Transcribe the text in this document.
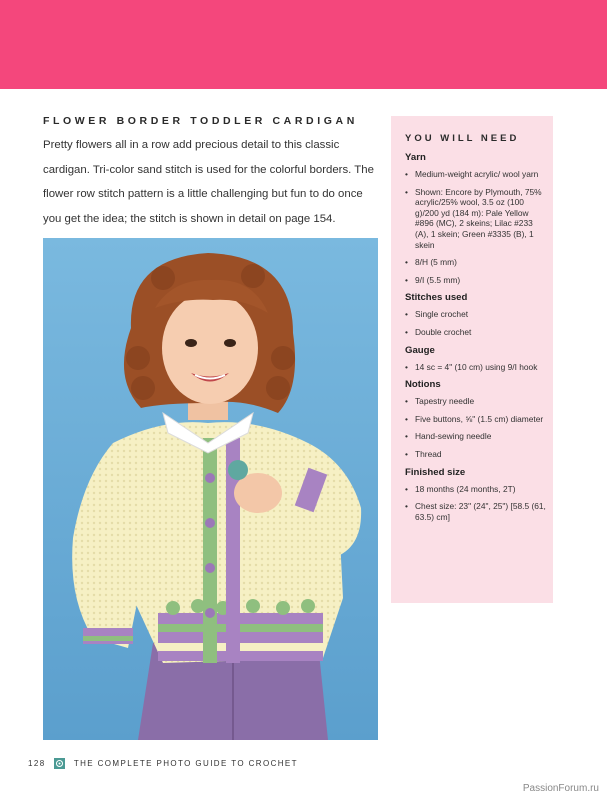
FLOWER BORDER TODDLER CARDIGAN
Pretty flowers all in a row add precious detail to this classic cardigan. Tri-color sand stitch is used for the colorful borders. The flower row stitch pattern is a little challenging but fun to do once you get the idea; the stitch is shown in detail on page 154.
YOU WILL NEED
Yarn
• Medium-weight acrylic/ wool yarn
• Shown: Encore by Plymouth, 75% acrylic/25% wool, 3.5 oz (100 g)/200 yd (184 m): Pale Yellow #896 (MC), 2 skeins; Lilac #233 (A), 1 skein; Green #3335 (B), 1 skein
• 8/H (5 mm)
• 9/I (5.5 mm)
Stitches used
• Single crochet
• Double crochet
Gauge
• 14 sc = 4" (10 cm) using 9/I hook
Notions
• Tapestry needle
• Five buttons, ⅝" (1.5 cm) diameter
• Hand-sewing needle
• Thread
Finished size
• 18 months (24 months, 2T)
• Chest size: 23" (24", 25") [58.5 (61, 63.5) cm]
128	THE COMPLETE PHOTO GUIDE TO CROCHET
PassionForum.ru
